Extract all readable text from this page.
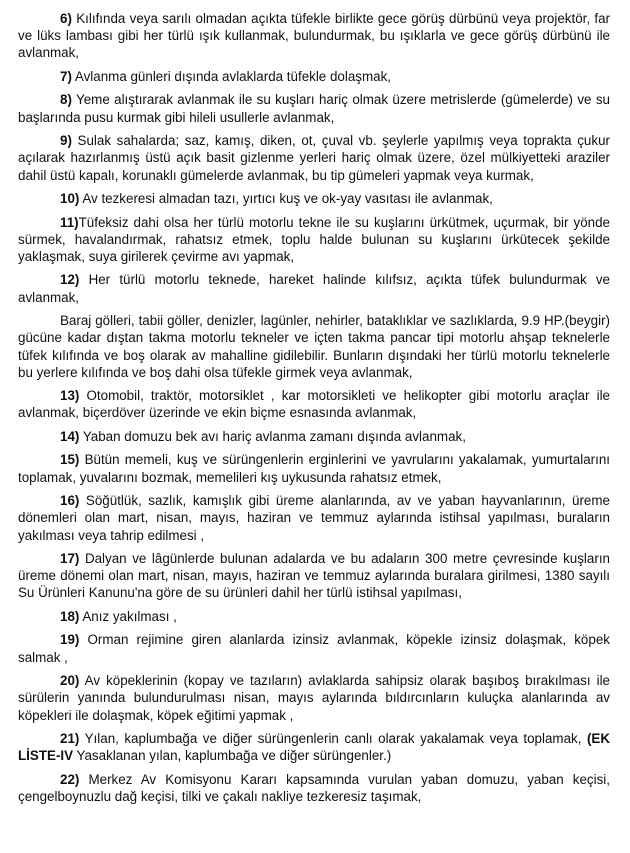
6) Kılıfında veya sarılı olmadan açıkta tüfekle birlikte gece görüş dürbünü veya projektör, far ve lüks lambası gibi her türlü ışık kullanmak, bulundurmak, bu ışıklarla ve gece görüş dürbünü ile avlanmak,

7) Avlanma günleri dışında avlaklarda tüfekle dolaşmak,

8) Yeme alıştırarak avlanmak ile su kuşları hariç olmak üzere metrislerde (gümelerde) ve su başlarında pusu kurmak gibi hileli usullerle avlanmak,

9) Sulak sahalarda; saz, kamış, diken, ot, çuval vb. şeylerle yapılmış veya toprakta çukur açılarak hazırlanmış üstü açık basit gizlenme yerleri hariç olmak üzere, özel mülkiyetteki araziler dahil üstü kapalı, korunaklı gümelerde avlanmak, bu tip gümeleri yapmak veya kurmak,

10) Av tezkeresi almadan tazı, yırtıcı kuş ve ok-yay vasıtası ile avlanmak,

11)Tüfeksiz dahi olsa her türlü motorlu tekne ile su kuşlarını ürkütmek, uçurmak, bir yönde sürmek, havalandırmak, rahatsız etmek, toplu halde bulunan su kuşlarını ürkütecek şekilde yaklaşmak, suya girilerek çevirme avı yapmak,

12) Her türlü motorlu teknede, hareket halinde kılıfsız, açıkta tüfek bulundurmak ve avlanmak,

Baraj gölleri, tabii göller, denizler, lagünler, nehirler, bataklıklar ve sazlıklarda, 9.9 HP.(beygir) gücüne kadar dıştan takma motorlu tekneler ve içten takma pancar tipi motorlu ahşap teknelerle tüfek kılıfında ve boş olarak av mahalline gidilebilir. Bunların dışındaki her türlü motorlu teknelerle bu yerlere kılıfında ve boş dahi olsa tüfekle girmek veya avlanmak,

13) Otomobil, traktör, motorsiklet , kar motorsikleti ve helikopter gibi motorlu araçlar ile avlanmak, biçerdöver üzerinde ve ekin biçme esnasında avlanmak,

14) Yaban domuzu bek avı hariç avlanma zamanı dışında avlanmak,

15) Bütün memeli, kuş ve sürüngenlerin erginlerini ve yavrularını yakalamak, yumurtalarını toplamak, yuvalarını bozmak, memelileri kış uykusunda rahatsız etmek,

16) Söğütlük, sazlık, kamışlık gibi üreme alanlarında, av ve yaban hayvanlarının, üreme dönemleri olan mart, nisan, mayıs, haziran ve temmuz aylarında istihsal yapılması, buraların yakılması veya tahrip edilmesi ,

17) Dalyan ve lâgünlerde bulunan adalarda ve bu adaların 300 metre çevresinde kuşların üreme dönemi olan mart, nisan, mayıs, haziran ve temmuz aylarında buralara girilmesi, 1380 sayılı Su Ürünleri Kanunu'na göre de su ürünleri dahil her türlü istihsal yapılması,

18) Anız yakılması ,

19) Orman rejimine giren alanlarda izinsiz avlanmak, köpekle izinsiz dolaşmak, köpek salmak ,

20) Av köpeklerinin (kopay ve tazıların) avlaklarda sahipsiz olarak başıboş bırakılması ile sürülerin yanında bulundurulması nisan, mayıs aylarında bıldırcınların kuluçka alanlarında av köpekleri ile dolaşmak, köpek eğitimi yapmak ,

21) Yılan, kaplumbağa ve diğer sürüngenlerin canlı olarak yakalamak veya toplamak, (EK LİSTE-IV Yasaklanan yılan, kaplumbağa ve diğer sürüngenler.)

22) Merkez Av Komisyonu Kararı kapsamında vurulan yaban domuzu, yaban keçisi, çengelboynuzlu dağ keçisi, tilki ve çakalı nakliye tezkeresiz taşımak,
